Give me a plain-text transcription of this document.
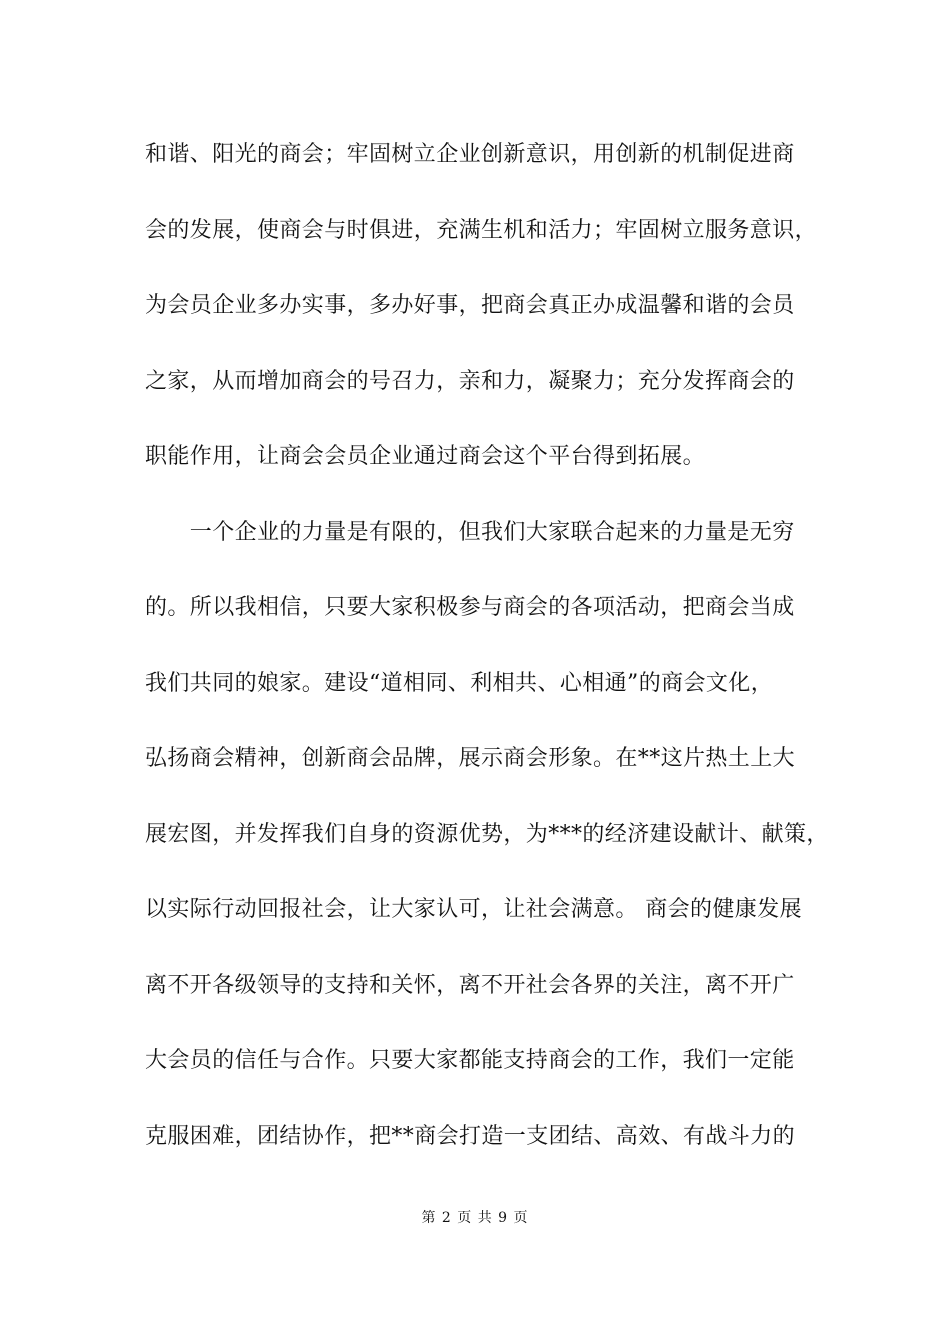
和谐、阳光的商会；牢固树立企业创新意识，用创新的机制促进商
会的发展，使商会与时俱进，充满生机和活力；牢固树立服务意识，
为会员企业多办实事，多办好事，把商会真正办成温馨和谐的会员
之家，从而增加商会的号召力，亲和力，凝聚力；充分发挥商会的
职能作用，让商会会员企业通过商会这个平台得到拓展。
　　一个企业的力量是有限的，但我们大家联合起来的力量是无穷
的。所以我相信，只要大家积极参与商会的各项活动，把商会当成
我们共同的娘家。建设“道相同、利相共、心相通”的商会文化，
弘扬商会精神，创新商会品牌，展示商会形象。在**这片热土上大
展宏图，并发挥我们自身的资源优势，为***的经济建设献计、献策，
以实际行动回报社会，让大家认可，让社会满意。 商会的健康发展
离不开各级领导的支持和关怀，离不开社会各界的关注，离不开广
大会员的信任与合作。只要大家都能支持商会的工作，我们一定能
克服困难，团结协作，把**商会打造一支团结、高效、有战斗力的
第 2 页 共 9 页
